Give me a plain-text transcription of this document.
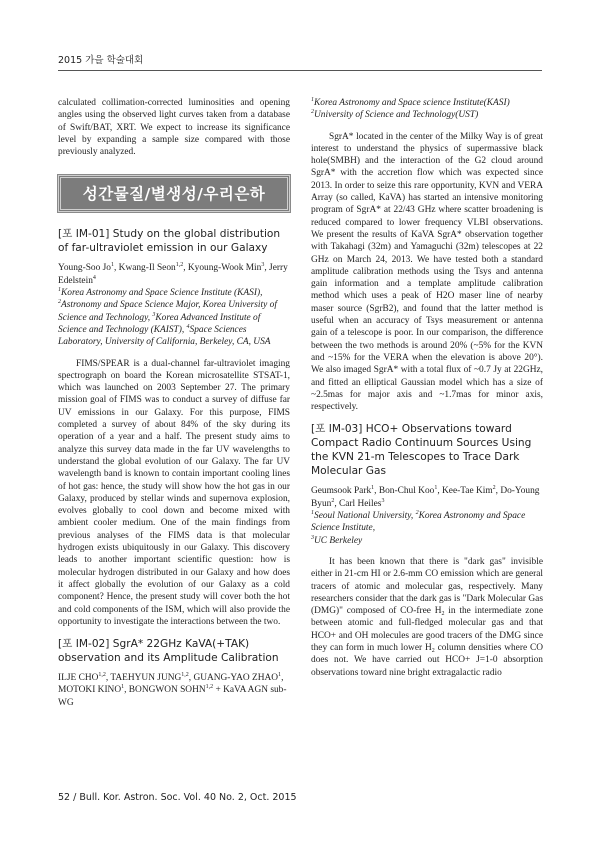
2015 가을 학술대회

calculated collimation-corrected luminosities and opening angles using the observed light curves taken from a database of Swift/BAT, XRT. We expect to increase its significance level by expanding a sample size compared with those previously analyzed.

성간물질/별생성/우리은하
[포 IM-01] Study on the global distribution of far-ultraviolet emission in our Galaxy
Young-Soo Jo$^1$, Kwang-Il Seon$^{1,2}$, Kyoung-Wook Min$^3$, Jerry Edelstein$^4$
$^1$Korea Astronomy and Space Science Institute (KASI), $^2$Astronomy and Space Science Major, Korea University of Science and Technology, $^3$Korea Advanced Institute of Science and Technology (KAIST), $^4$Space Sciences Laboratory, University of California, Berkeley, CA, USA

FIMS/SPEAR is a dual-channel far-ultraviolet imaging spectrograph on board the Korean microsatellite STSAT-1, which was launched on 2003 September 27. The primary mission goal of FIMS was to conduct a survey of diffuse far UV emissions in our Galaxy. For this purpose, FIMS completed a survey of about 84% of the sky during its operation of a year and a half. The present study aims to analyze this survey data made in the far UV wavelengths to understand the global evolution of our Galaxy. The far UV wavelength band is known to contain important cooling lines of hot gas: hence, the study will show how the hot gas in our Galaxy, produced by stellar winds and supernova explosion, evolves globally to cool down and become mixed with ambient cooler medium. One of the main findings from previous analyses of the FIMS data is that molecular hydrogen exists ubiquitously in our Galaxy. This discovery leads to another important scientific question: how is molecular hydrogen distributed in our Galaxy and how does it affect globally the evolution of our Galaxy as a cold component? Hence, the present study will cover both the hot and cold components of the ISM, which will also provide the opportunity to investigate the interactions between the two.

[포 IM-02] SgrA* 22GHz KaVA(+TAK) observation and its Amplitude Calibration
ILJE CHO$^{1,2}$, TAEHYUN JUNG$^{1,2}$, GUANG-YAO ZHAO$^1$, MOTOKI KINO$^1$, BONGWON SOHN$^{1,2}$ + KaVA AGN sub-WG
$^1$Korea Astronomy and Space science Institute(KASI)
$^2$University of Science and Technology(UST)

SgrA* located in the center of the Milky Way is of great interest to understand the physics of supermassive black hole(SMBH) and the interaction of the G2 cloud around SgrA* with the accretion flow which was expected since 2013. In order to seize this rare opportunity, KVN and VERA Array (so called, KaVA) has started an intensive monitoring program of SgrA* at 22/43 GHz where scatter broadening is reduced compared to lower frequency VLBI observations. We present the results of KaVA SgrA* observation together with Takahagi (32m) and Yamaguchi (32m) telescopes at 22 GHz on March 24, 2013. We have tested both a standard amplitude calibration methods using the Tsys and antenna gain information and a template amplitude calibration method which uses a peak of H2O maser line of nearby maser source (SgrB2), and found that the latter method is useful when an accuracy of Tsys measurement or antenna gain of a telescope is poor. In our comparison, the difference between the two methods is around 20% (~5% for the KVN and ~15% for the VERA when the elevation is above 20°). We also imaged SgrA* with a total flux of ~0.7 Jy at 22GHz, and fitted an elliptical Gaussian model which has a size of ~2.5mas for major axis and ~1.7mas for minor axis, respectively.

[포 IM-03] HCO+ Observations toward Compact Radio Continuum Sources Using the KVN 21-m Telescopes to Trace Dark Molecular Gas
Geumsook Park$^1$, Bon-Chul Koo$^1$, Kee-Tae Kim$^2$, Do-Young Byun$^2$, Carl Heiles$^3$
$^1$Seoul National University, $^2$Korea Astronomy and Space Science Institute,
$^3$UC Berkeley

It has been known that there is "dark gas" invisible either in 21-cm HI or 2.6-mm CO emission which are general tracers of atomic and molecular gas, respectively. Many researchers consider that the dark gas is "Dark Molecular Gas (DMG)" composed of CO-free $H_2$ in the intermediate zone between atomic and full-fledged molecular gas and that HCO+ and OH molecules are good tracers of the DMG since they can form in much lower $H_2$ column densities where CO does not. We have carried out HCO+ J=1-0 absorption observations toward nine bright extragalactic radio

52 / Bull. Kor. Astron. Soc. Vol. 40 No. 2, Oct. 2015
